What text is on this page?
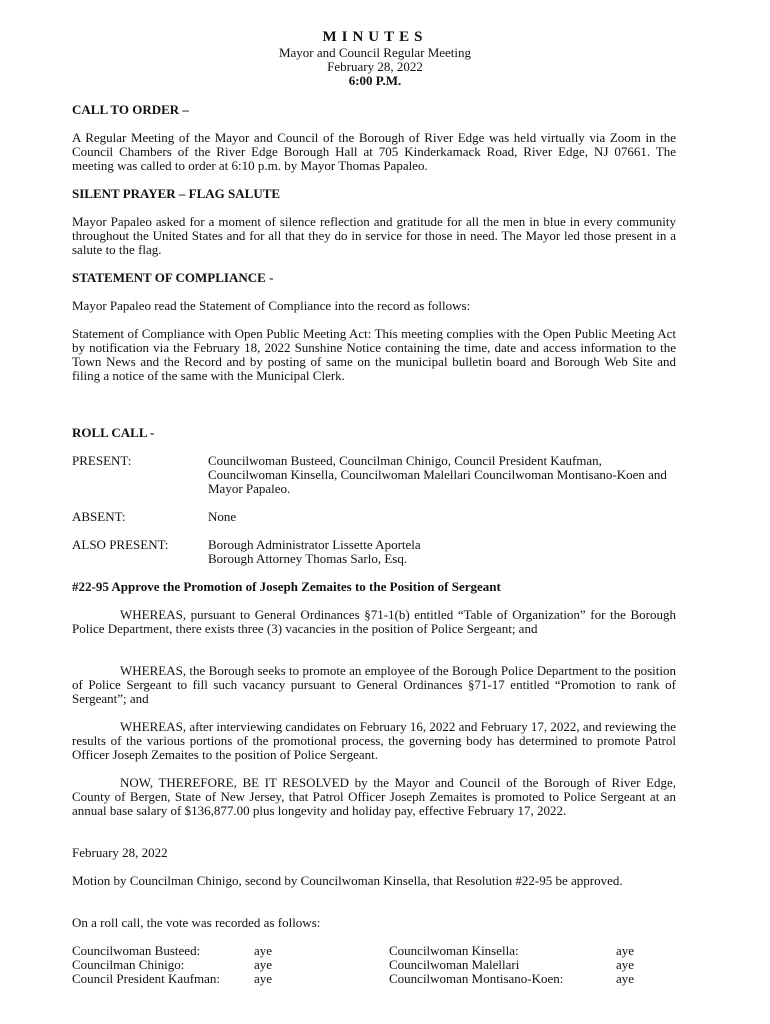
MINUTES
Mayor and Council Regular Meeting
February 28, 2022
6:00 P.M.
CALL TO ORDER –
A Regular Meeting of the Mayor and Council of the Borough of River Edge was held virtually via Zoom in the Council Chambers of the River Edge Borough Hall at 705 Kinderkamack Road, River Edge, NJ 07661. The meeting was called to order at 6:10 p.m. by Mayor Thomas Papaleo.
SILENT PRAYER – FLAG SALUTE
Mayor Papaleo asked for a moment of silence reflection and gratitude for all the men in blue in every community throughout the United States and for all that they do in service for those in need. The Mayor led those present in a salute to the flag.
STATEMENT OF COMPLIANCE -
Mayor Papaleo read the Statement of Compliance into the record as follows:
Statement of Compliance with Open Public Meeting Act: This meeting complies with the Open Public Meeting Act by notification via the February 18, 2022 Sunshine Notice containing the time, date and access information to the Town News and the Record and by posting of same on the municipal bulletin board and Borough Web Site and filing a notice of the same with the Municipal Clerk.
ROLL CALL -
PRESENT:	Councilwoman Busteed, Councilman Chinigo, Council President Kaufman, Councilwoman Kinsella, Councilwoman Malellari Councilwoman Montisano-Koen and Mayor Papaleo.
ABSENT:	None
ALSO PRESENT:	Borough Administrator Lissette Aportela
Borough Attorney Thomas Sarlo, Esq.
#22-95 Approve the Promotion of Joseph Zemaites to the Position of Sergeant
WHEREAS, pursuant to General Ordinances §71-1(b) entitled “Table of Organization” for the Borough Police Department, there exists three (3) vacancies in the position of Police Sergeant; and
WHEREAS, the Borough seeks to promote an employee of the Borough Police Department to the position of Police Sergeant to fill such vacancy pursuant to General Ordinances §71-17 entitled “Promotion to rank of Sergeant”; and
WHEREAS, after interviewing candidates on February 16, 2022 and February 17, 2022, and reviewing the results of the various portions of the promotional process, the governing body has determined to promote Patrol Officer Joseph Zemaites to the position of Police Sergeant.
NOW, THEREFORE, BE IT RESOLVED by the Mayor and Council of the Borough of River Edge, County of Bergen, State of New Jersey, that Patrol Officer Joseph Zemaites is promoted to Police Sergeant at an annual base salary of $136,877.00 plus longevity and holiday pay, effective February 17, 2022.
February 28, 2022
Motion by Councilman Chinigo, second by Councilwoman Kinsella, that Resolution #22-95 be approved.
On a roll call, the vote was recorded as follows:
Councilwoman Busteed:	aye
Councilman Chinigo:	aye
Council President Kaufman:	aye
Councilwoman Kinsella:	aye
Councilwoman Malellari	aye
Councilwoman Montisano-Koen:	aye
